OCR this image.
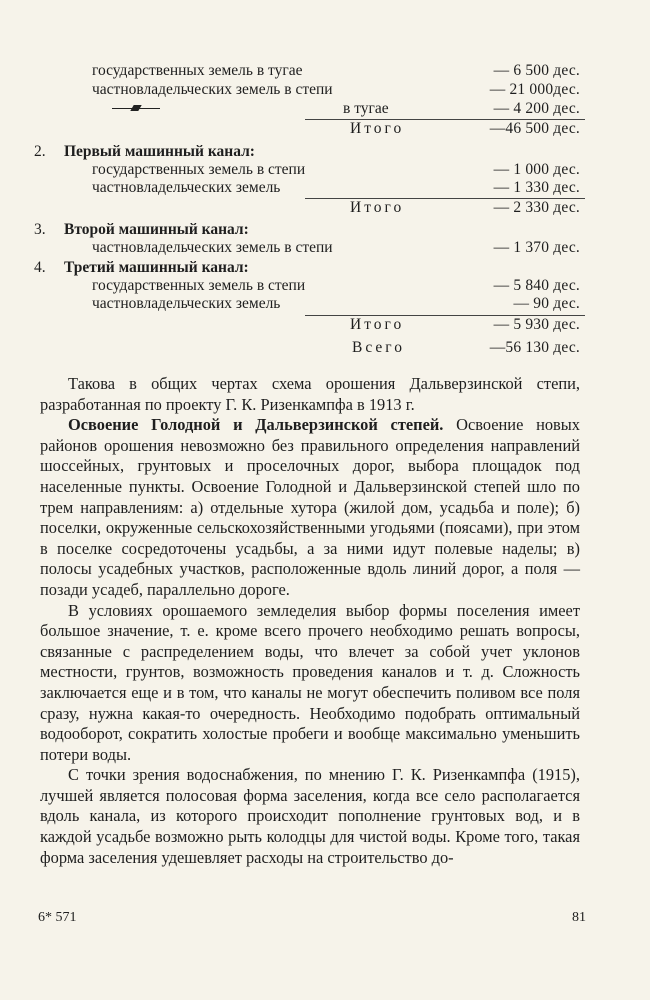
государственных земель в тугае	— 6 500 дес.
частновладельческих земель в степи	— 21 000дес.
в тугае	— 4 200 дес.
Итого	—46 500 дес.
2. Первый машинный канал:
государственных земель в степи	— 1 000 дес.
частновладельческих земель	— 1 330 дес.
Итого	— 2 330 дес.
3. Второй машинный канал:
частновладельческих земель в степи	— 1 370 дес.
4. Третий машинный канал:
государственных земель в степи	— 5 840 дес.
частновладельческих земель	— 90 дес.
Итого	— 5 930 дес.
Всего	—56 130 дес.

Такова в общих чертах схема орошения Дальверзинской степи, разработанная по проекту Г. К. Ризенкампфа в 1913 г.

Освоение Голодной и Дальверзинской степей. Освоение новых районов орошения невозможно без правильного определения направлений шоссейных, грунтовых и проселочных дорог, выбора площадок под населенные пункты. Освоение Голодной и Дальверзинской степей шло по трем направлениям: а) отдельные хутора (жилой дом, усадьба и поле); б) поселки, окруженные сельскохозяйственными угодьями (поясами), при этом в поселке сосредоточены усадьбы, а за ними идут полевые наделы; в) полосы усадебных участков, расположенные вдоль линий дорог, а поля — позади усадеб, параллельно дороге.

В условиях орошаемого земледелия выбор формы поселения имеет большое значение, т. е. кроме всего прочего необходимо решать вопросы, связанные с распределением воды, что влечет за собой учет уклонов местности, грунтов, возможность проведения каналов и т. д. Сложность заключается еще и в том, что каналы не могут обеспечить поливом все поля сразу, нужна какая-то очередность. Необходимо подобрать оптимальный водооборот, сократить холостые пробеги и вообще максимально уменьшить потери воды.

С точки зрения водоснабжения, по мнению Г. К. Ризенкампфа (1915), лучшей является полосовая форма заселения, когда все село располагается вдоль канала, из которого происходит пополнение грунтовых вод, и в каждой усадьбе возможно рыть колодцы для чистой воды. Кроме того, такая форма заселения удешевляет расходы на строительство до-

6* 571	81
